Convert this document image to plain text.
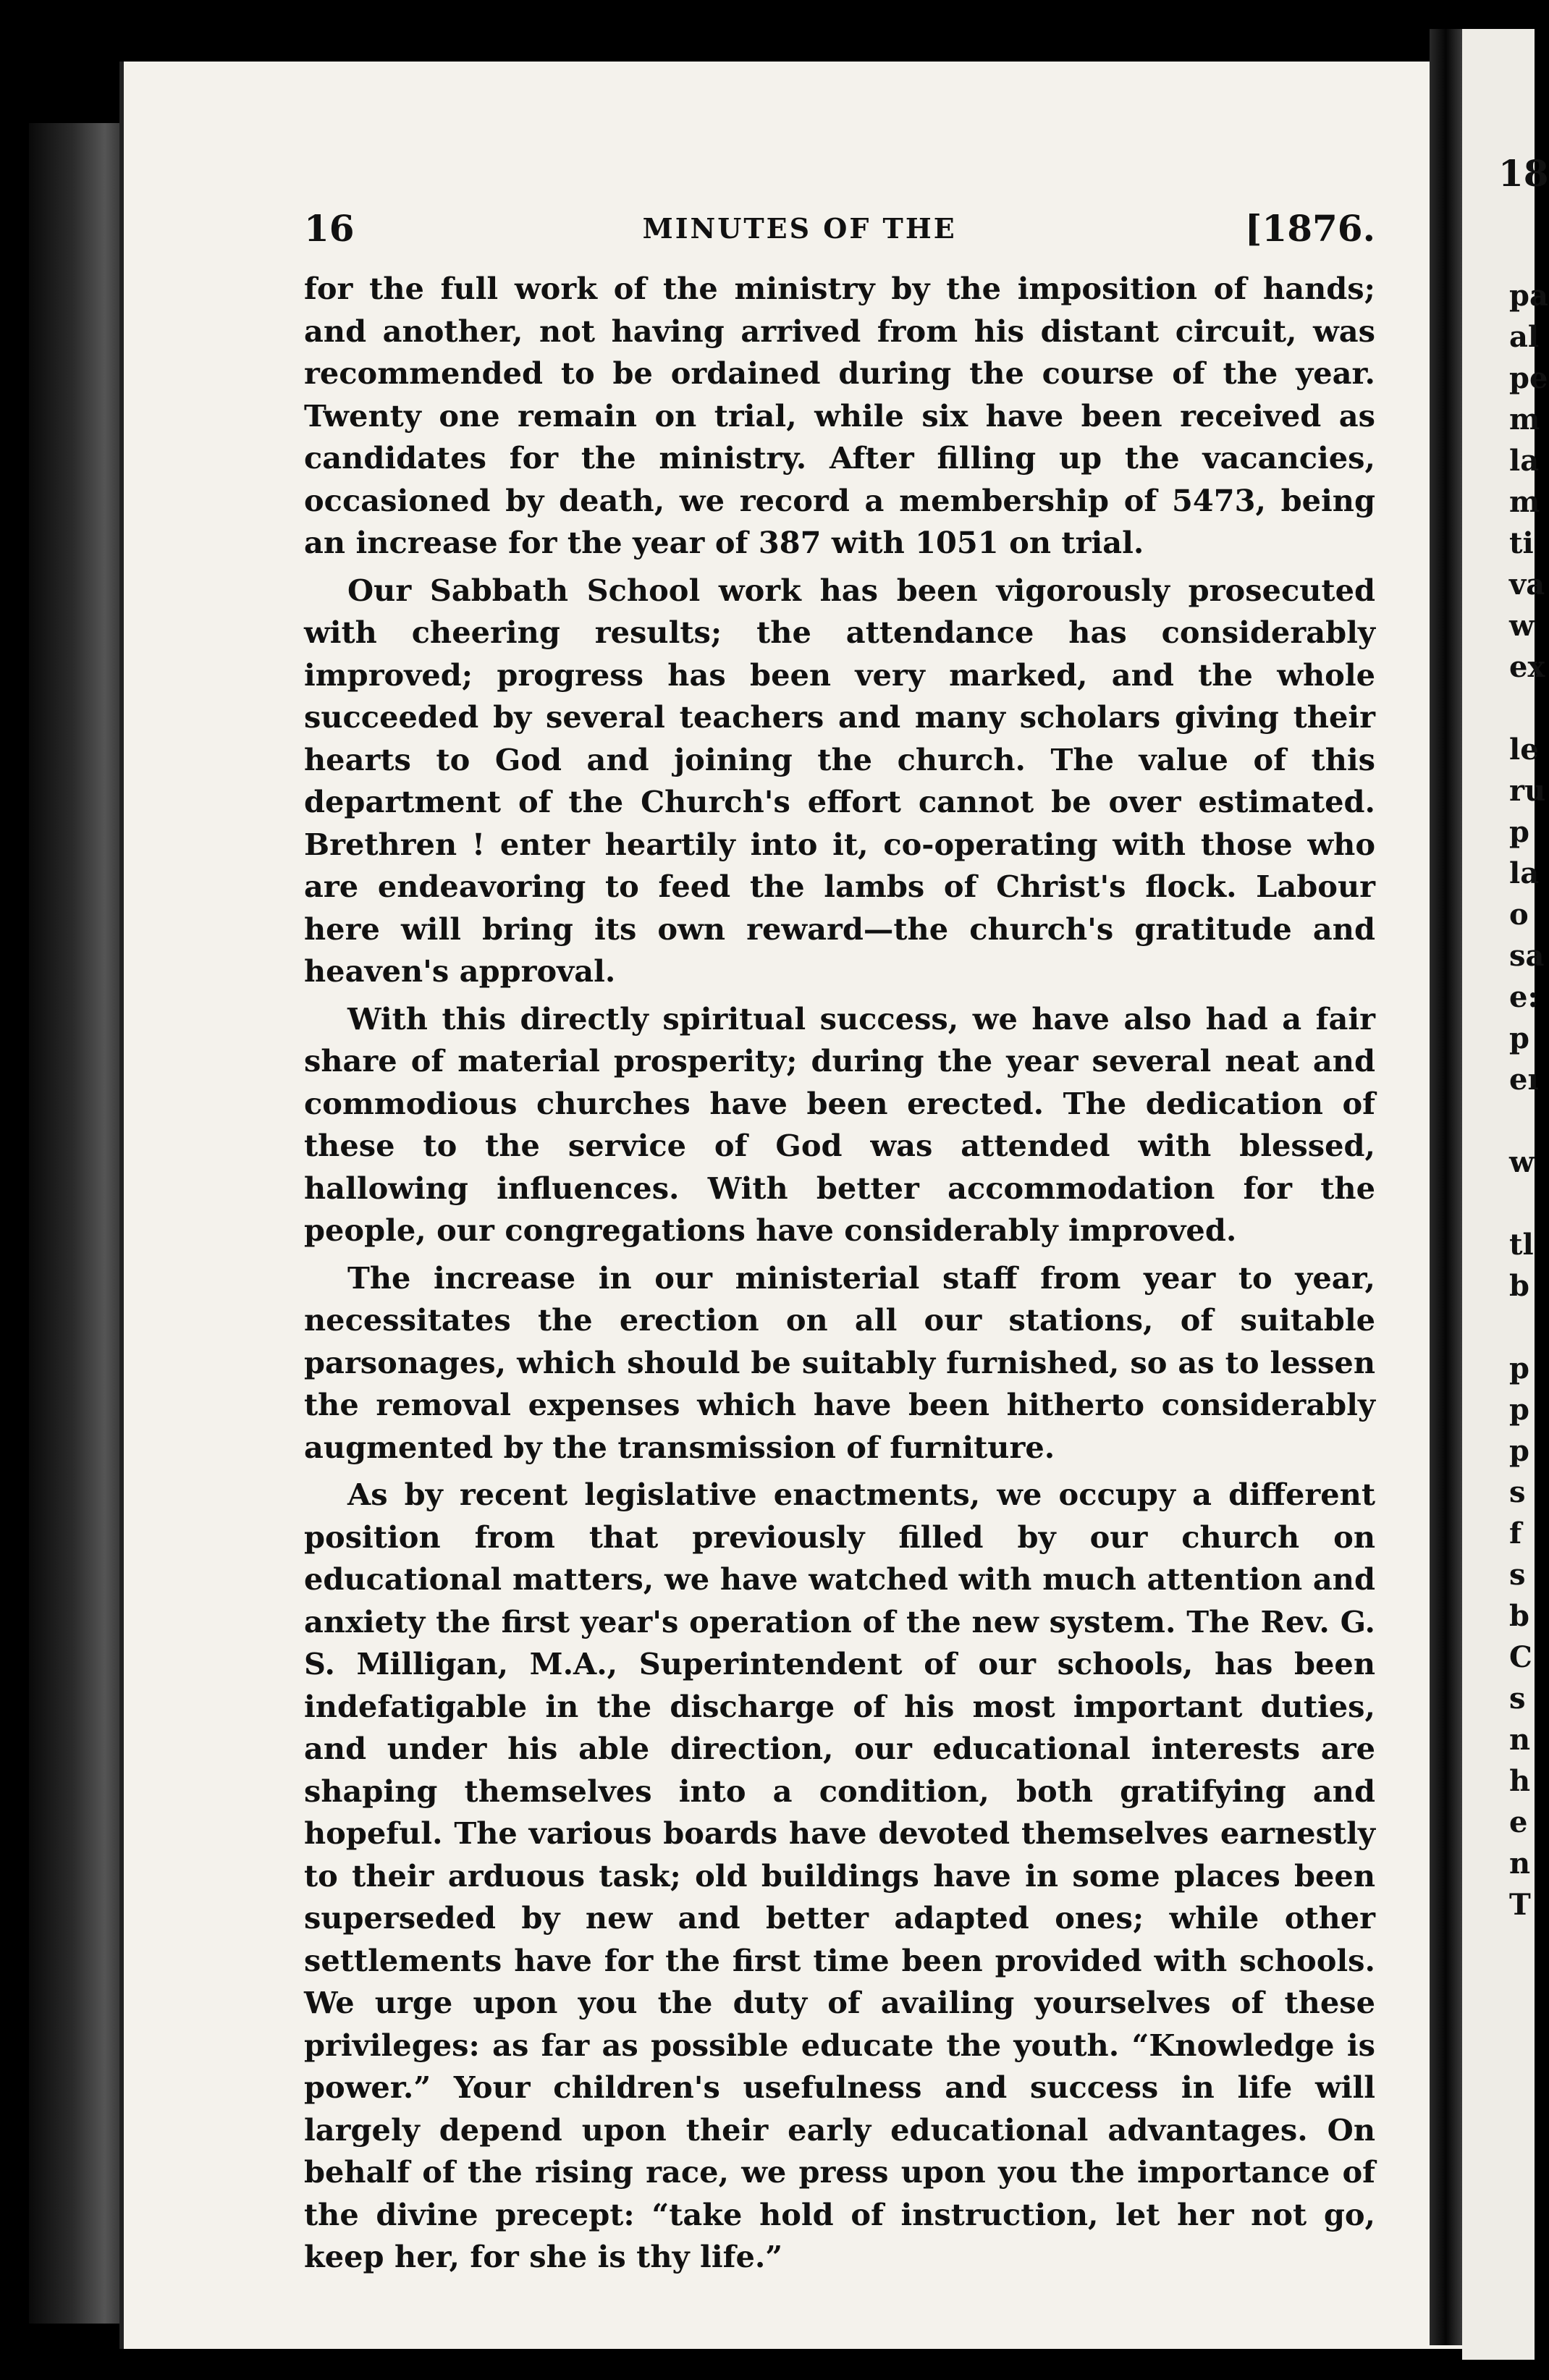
16	MINUTES OF THE	[1876.

for the full work of the ministry by the imposition of hands; and another, not having arrived from his distant circuit, was recommended to be ordained during the course of the year. Twenty one remain on trial, while six have been received as candidates for the ministry. After filling up the vacancies, occasioned by death, we record a membership of 5473, being an increase for the year of 387 with 1051 on trial.

Our Sabbath School work has been vigorously prosecuted with cheering results; the attendance has considerably improved; progress has been very marked, and the whole succeeded by several teachers and many scholars giving their hearts to God and joining the church. The value of this department of the Church's effort cannot be over estimated. Brethren ! enter heartily into it, co-operating with those who are endeavoring to feed the lambs of Christ's flock. Labour here will bring its own reward—the church's gratitude and heaven's approval.

With this directly spiritual success, we have also had a fair share of material prosperity; during the year several neat and commodious churches have been erected. The dedication of these to the service of God was attended with blessed, hallowing influences. With better accommodation for the people, our congregations have considerably improved.

The increase in our ministerial staff from year to year, necessitates the erection on all our stations, of suitable parsonages, which should be suitably furnished, so as to lessen the removal expenses which have been hitherto considerably augmented by the transmission of furniture.

As by recent legislative enactments, we occupy a different position from that previously filled by our church on educational matters, we have watched with much attention and anxiety the first year's operation of the new system. The Rev. G. S. Milligan, M.A., Superintendent of our schools, has been indefatigable in the discharge of his most important duties, and under his able direction, our educational interests are shaping themselves into a condition, both gratifying and hopeful. The various boards have devoted themselves earnestly to their arduous task; old buildings have in some places been superseded by new and better adapted ones; while other settlements have for the first time been provided with schools. We urge upon you the duty of availing yourselves of these privileges: as far as possible educate the youth. “Knowledge is power.” Your children's usefulness and success in life will largely depend upon their early educational advantages. On behalf of the rising race, we press upon you the importance of the divine precept: “take hold of instruction, let her not go, keep her, for she is thy life.”

18
pa
al
pe
m
la
m
ti
va
w
ex
le
ru
p
la
o
sa
e:
p
eı
w
tl
b
p
p
p
s
f
s
b
C
s
n
h
e
n
T
